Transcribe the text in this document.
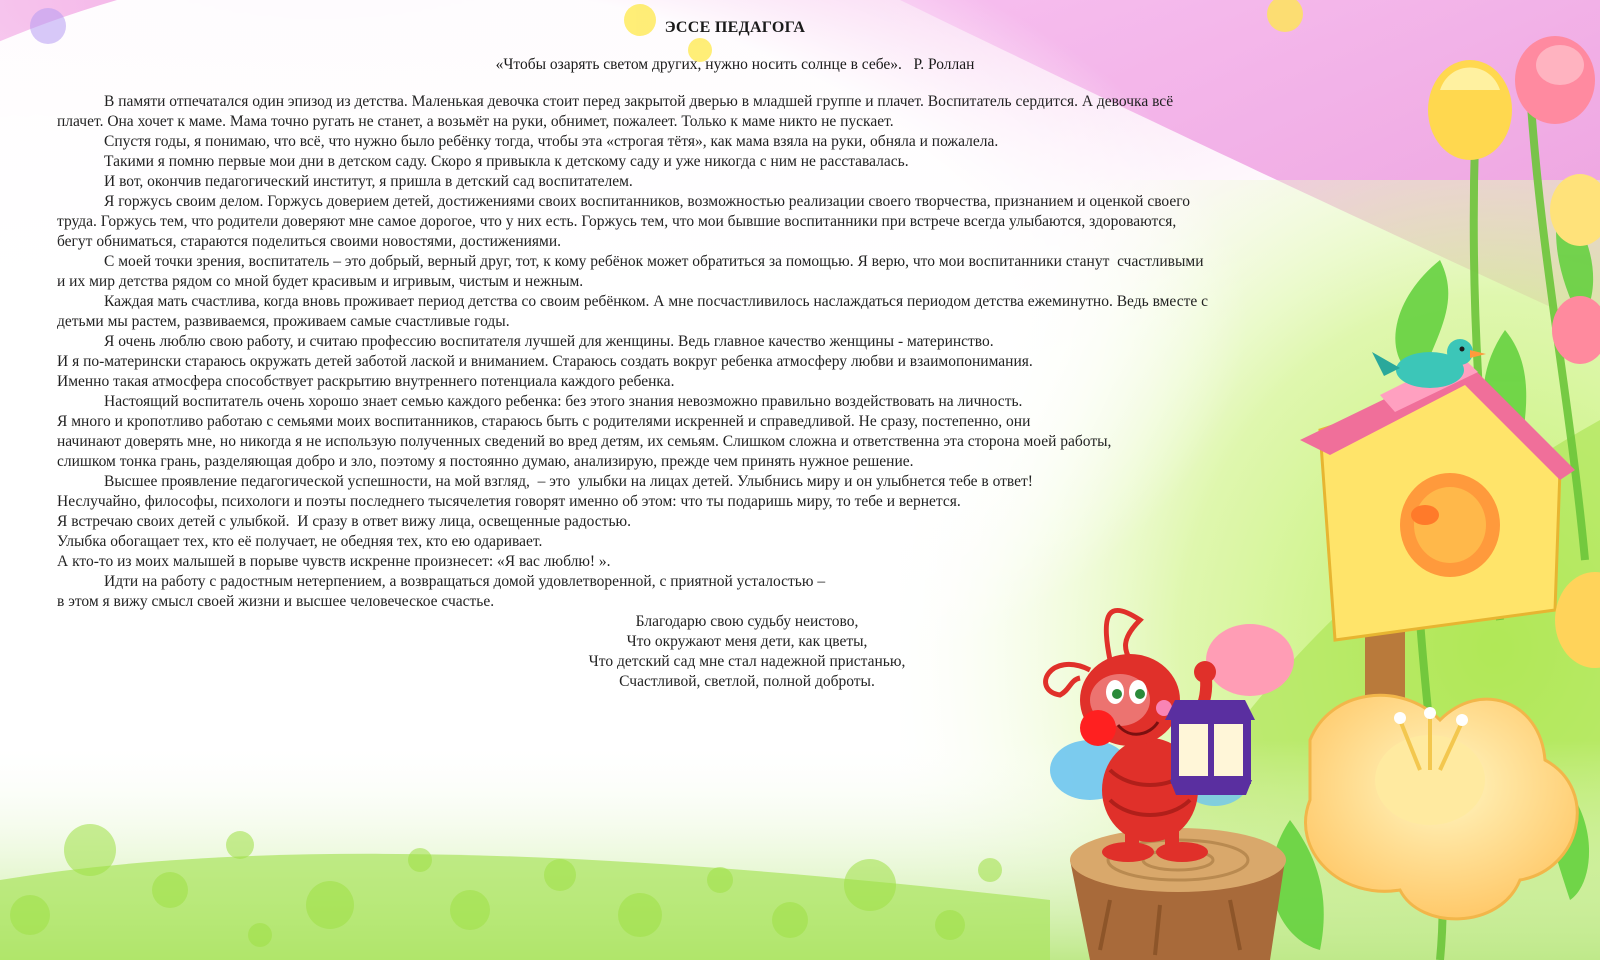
ЭССЕ ПЕДАГОГА
«Чтобы озарять светом других, нужно носить солнце в себе».   Р. Роллан
В памяти отпечатался один эпизод из детства. Маленькая девочка стоит перед закрытой дверью в младшей группе и плачет. Воспитатель сердится. А девочка всё
плачет. Она хочет к маме. Мама точно ругать не станет, а возьмёт на руки, обнимет, пожалеет. Только к маме никто не пускает.
Спустя годы, я понимаю, что всё, что нужно было ребёнку тогда, чтобы эта «строгая тётя», как мама взяла на руки, обняла и пожалела.
Такими я помню первые мои дни в детском саду. Скоро я привыкла к детскому саду и уже никогда с ним не расставалась.
И вот, окончив педагогический институт, я пришла в детский сад воспитателем.
Я горжусь своим делом. Горжусь доверием детей, достижениями своих воспитанников, возможностью реализации своего творчества, признанием и оценкой своего
труда. Горжусь тем, что родители доверяют мне самое дорогое, что у них есть. Горжусь тем, что мои бывшие воспитанники при встрече всегда улыбаются, здороваются,
бегут обниматься, стараются поделиться своими новостями, достижениями.
С моей точки зрения, воспитатель – это добрый, верный друг, тот, к кому ребёнок может обратиться за помощью. Я верю, что мои воспитанники станут  счастливыми
и их мир детства рядом со мной будет красивым и игривым, чистым и нежным.
Каждая мать счастлива, когда вновь проживает период детства со своим ребёнком. А мне посчастливилось наслаждаться периодом детства ежеминутно. Ведь вместе с
детьми мы растем, развиваемся, проживаем самые счастливые годы.
Я очень люблю свою работу, и считаю профессию воспитателя лучшей для женщины. Ведь главное качество женщины - материнство.
И я по-матерински стараюсь окружать детей заботой лаской и вниманием. Стараюсь создать вокруг ребенка атмосферу любви и взаимопонимания.
Именно такая атмосфера способствует раскрытию внутреннего потенциала каждого ребенка.
Настоящий воспитатель очень хорошо знает семью каждого ребенка: без этого знания невозможно правильно воздействовать на личность.
Я много и кропотливо работаю с семьями моих воспитанников, стараюсь быть с родителями искренней и справедливой. Не сразу, постепенно, они
начинают доверять мне, но никогда я не использую полученных сведений во вред детям, их семьям. Слишком сложна и ответственна эта сторона моей работы,
слишком тонка грань, разделяющая добро и зло, поэтому я постоянно думаю, анализирую, прежде чем принять нужное решение.
Высшее проявление педагогической успешности, на мой взгляд,  – это  улыбки на лицах детей. Улыбнись миру и он улыбнется тебе в ответ!
Неслучайно, философы, психологи и поэты последнего тысячелетия говорят именно об этом: что ты подаришь миру, то тебе и вернется.
Я встречаю своих детей с улыбкой.  И сразу в ответ вижу лица, освещенные радостью.
Улыбка обогащает тех, кто её получает, не обедняя тех, кто ею одаривает.
А кто-то из моих малышей в порыве чувств искренне произнесет: «Я вас люблю! ».
Идти на работу с радостным нетерпением, а возвращаться домой удовлетворенной, с приятной усталостью –
в этом я вижу смысл своей жизни и высшее человеческое счастье.
Благодарю свою судьбу неистово,
Что окружают меня дети, как цветы,
Что детский сад мне стал надежной пристанью,
Счастливой, светлой, полной доброты.
